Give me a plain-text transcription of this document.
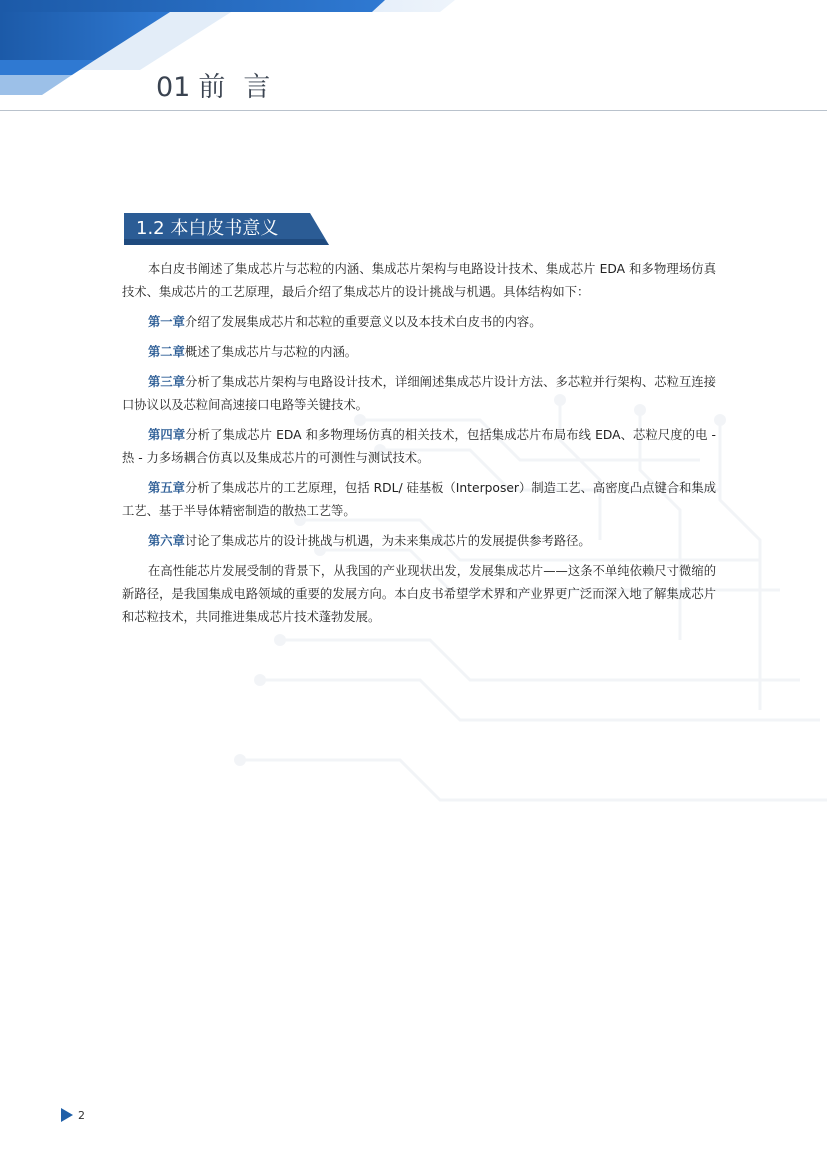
01 前言
1.2 本白皮书意义

本白皮书阐述了集成芯片与芯粒的内涵、集成芯片架构与电路设计技术、集成芯片 EDA 和多物理场仿真技术、集成芯片的工艺原理，最后介绍了集成芯片的设计挑战与机遇。具体结构如下：

第一章介绍了发展集成芯片和芯粒的重要意义以及本技术白皮书的内容。

第二章概述了集成芯片与芯粒的内涵。

第三章分析了集成芯片架构与电路设计技术，详细阐述集成芯片设计方法、多芯粒并行架构、芯粒互连接口协议以及芯粒间高速接口电路等关键技术。

第四章分析了集成芯片 EDA 和多物理场仿真的相关技术，包括集成芯片布局布线 EDA、芯粒尺度的电 - 热 - 力多场耦合仿真以及集成芯片的可测性与测试技术。

第五章分析了集成芯片的工艺原理，包括 RDL/ 硅基板（Interposer）制造工艺、高密度凸点键合和集成工艺、基于半导体精密制造的散热工艺等。

第六章讨论了集成芯片的设计挑战与机遇，为未来集成芯片的发展提供参考路径。

在高性能芯片发展受制的背景下，从我国的产业现状出发，发展集成芯片——这条不单纯依赖尺寸微缩的新路径，是我国集成电路领域的重要的发展方向。本白皮书希望学术界和产业界更广泛而深入地了解集成芯片和芯粒技术，共同推进集成芯片技术蓬勃发展。

2
